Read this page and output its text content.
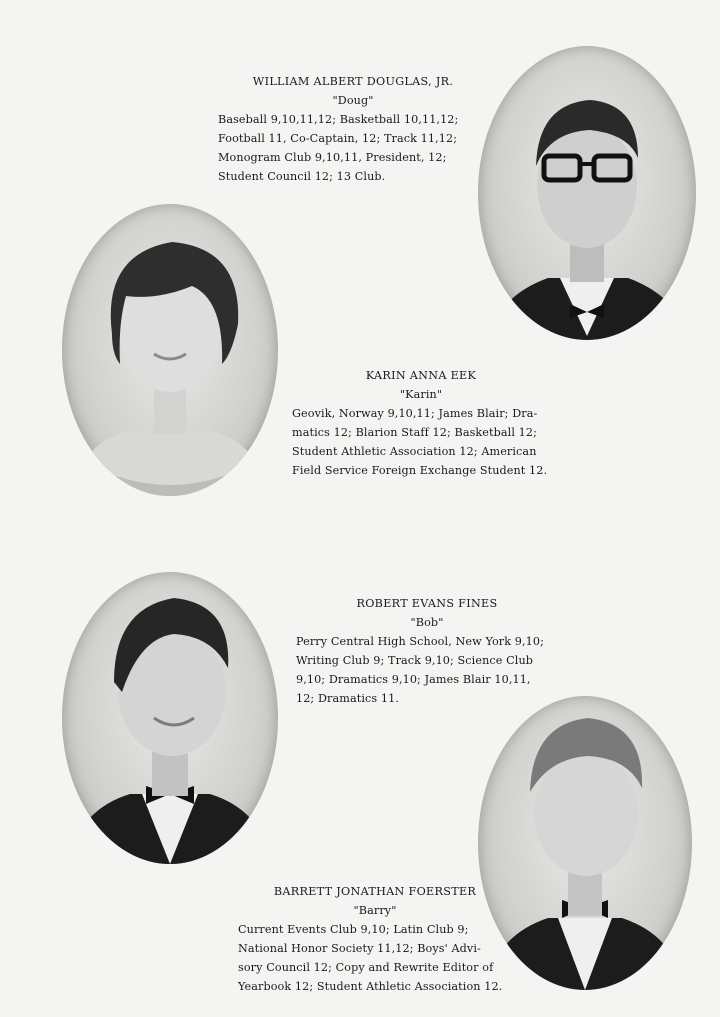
WILLIAM ALBERT DOUGLAS, JR.
"Doug"
Baseball 9,10,11,12; Basketball 10,11,12;
Football 11, Co-Captain, 12; Track 11,12;
Monogram Club 9,10,11, President, 12;
Student Council 12; 13 Club.
KARIN ANNA EEK
"Karin"
Geovik, Norway 9,10,11; James Blair; Dra-
matics 12; Blarion Staff 12; Basketball 12;
Student Athletic Association 12; American
Field Service Foreign Exchange Student 12.
ROBERT EVANS FINES
"Bob"
Perry Central High School, New York 9,10;
Writing Club 9; Track 9,10; Science Club
9,10; Dramatics 9,10; James Blair 10,11,
12; Dramatics 11.
BARRETT JONATHAN FOERSTER
"Barry"
Current Events Club 9,10; Latin Club 9;
National Honor Society 11,12; Boys' Advi-
sory Council 12; Copy and Rewrite Editor of
Yearbook 12; Student Athletic Association 12.
